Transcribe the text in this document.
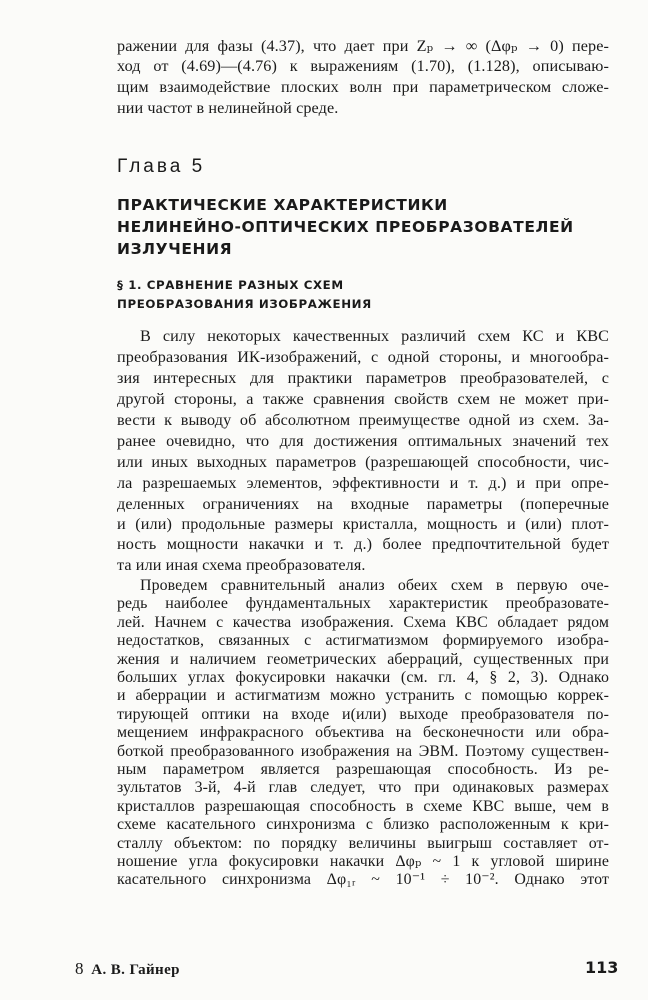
ражении для фазы (4.37), что дает при Zₚ → ∞ (Δφₚ → 0) пере-
ход от (4.69)—(4.76) к выражениям (1.70), (1.128), описываю-
щим взаимодействие плоских волн при параметрическом сложе-
нии частот в нелинейной среде.
Глава 5
ПРАКТИЧЕСКИЕ ХАРАКТЕРИСТИКИ
НЕЛИНЕЙНО-ОПТИЧЕСКИХ ПРЕОБРАЗОВАТЕЛЕЙ
ИЗЛУЧЕНИЯ
§ 1. СРАВНЕНИЕ РАЗНЫХ СХЕМ
ПРЕОБРАЗОВАНИЯ ИЗОБРАЖЕНИЯ
В силу некоторых качественных различий схем КС и КВС
преобразования ИК-изображений, с одной стороны, и многообра-
зия интересных для практики параметров преобразователей, с
другой стороны, а также сравнения свойств схем не может при-
вести к выводу об абсолютном преимуществе одной из схем. За-
ранее очевидно, что для достижения оптимальных значений тех
или иных выходных параметров (разрешающей способности, чис-
ла разрешаемых элементов, эффективности и т. д.) и при опре-
деленных ограничениях на входные параметры (поперечные
и (или) продольные размеры кристалла, мощность и (или) плот-
ность мощности накачки и т. д.) более предпочтительной будет
та или иная схема преобразователя.
Проведем сравнительный анализ обеих схем в первую оче-
редь наиболее фундаментальных характеристик преобразовате-
лей. Начнем с качества изображения. Схема КВС обладает рядом
недостатков, связанных с астигматизмом формируемого изобра-
жения и наличием геометрических аберраций, существенных при
больших углах фокусировки накачки (см. гл. 4, § 2, 3). Однако
и аберрации и астигматизм можно устранить с помощью коррек-
тирующей оптики на входе и(или) выходе преобразователя по-
мещением инфракрасного объектива на бесконечности или обра-
боткой преобразованного изображения на ЭВМ. Поэтому существен-
ным параметром является разрешающая способность. Из ре-
зультатов 3-й, 4-й глав следует, что при одинаковых размерах
кристаллов разрешающая способность в схеме КВС выше, чем в
схеме касательного синхронизма с близко расположенным к кри-
сталлу объектом: по порядку величины выигрыш составляет от-
ношение угла фокусировки накачки Δφₚ ~ 1 к угловой ширине
касательного синхронизма Δφ₁ᵣ ~ 10⁻¹ ÷ 10⁻². Однако этот
8 А. В. Гайнер	113
